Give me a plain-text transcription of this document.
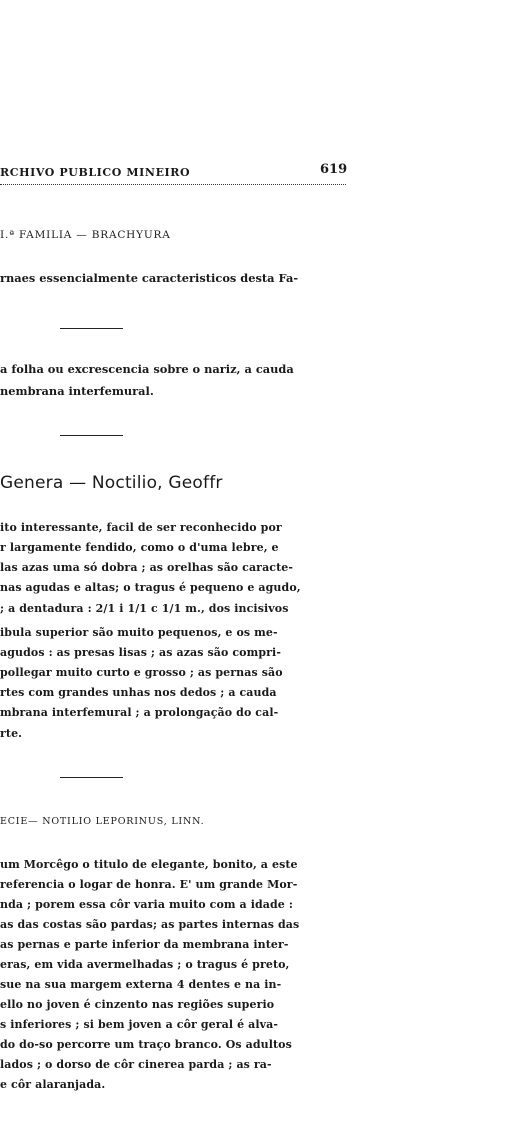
RCHIVO PUBLICO MINEIRO	619
I.ª FAMILIA — BRACHYURA
rnaes essencialmente caracteristicos desta Fa-
a folha ou excrescencia sobre o nariz, a cauda
nembrana interfemural.
Genera — Noctilio, Geoffr
ito interessante, facil de ser reconhecido por
r largamente fendido, como o d'uma lebre, e
las azas uma só dobra ; as orelhas são caracte-
nas agudas e altas; o tragus é pequeno e agudo,
; a dentadura : 2/1 i 1/1 c 1/1 m., dos incisivos
ibula superior são muito pequenos, e os me-
agudos : as presas lisas ; as azas são compri-
pollegar muito curto e grosso ; as pernas são
rtes com grandes unhas nos dedos ; a cauda
mbrana interfemural ; a prolongação do cal-
rte.
ECIE— NOTILIO LEPORINUS, LINN.
um Morcêgo o titulo de elegante, bonito, a este
referencia o logar de honra. E' um grande Mor-
nda ; porem essa côr varia muito com a idade :
as das costas são pardas; as partes internas das
as pernas e parte inferior da membrana inter-
eras, em vida avermelhadas ; o tragus é preto,
sue na sua margem externa 4 dentes e na in-
ello no joven é cinzento nas regiões superio
s inferiores ; si bem joven a côr geral é alva-
do do-so percorre um traço branco. Os adultos
lados ; o dorso de côr cinerea parda ; as ra-
e côr alaranjada.
